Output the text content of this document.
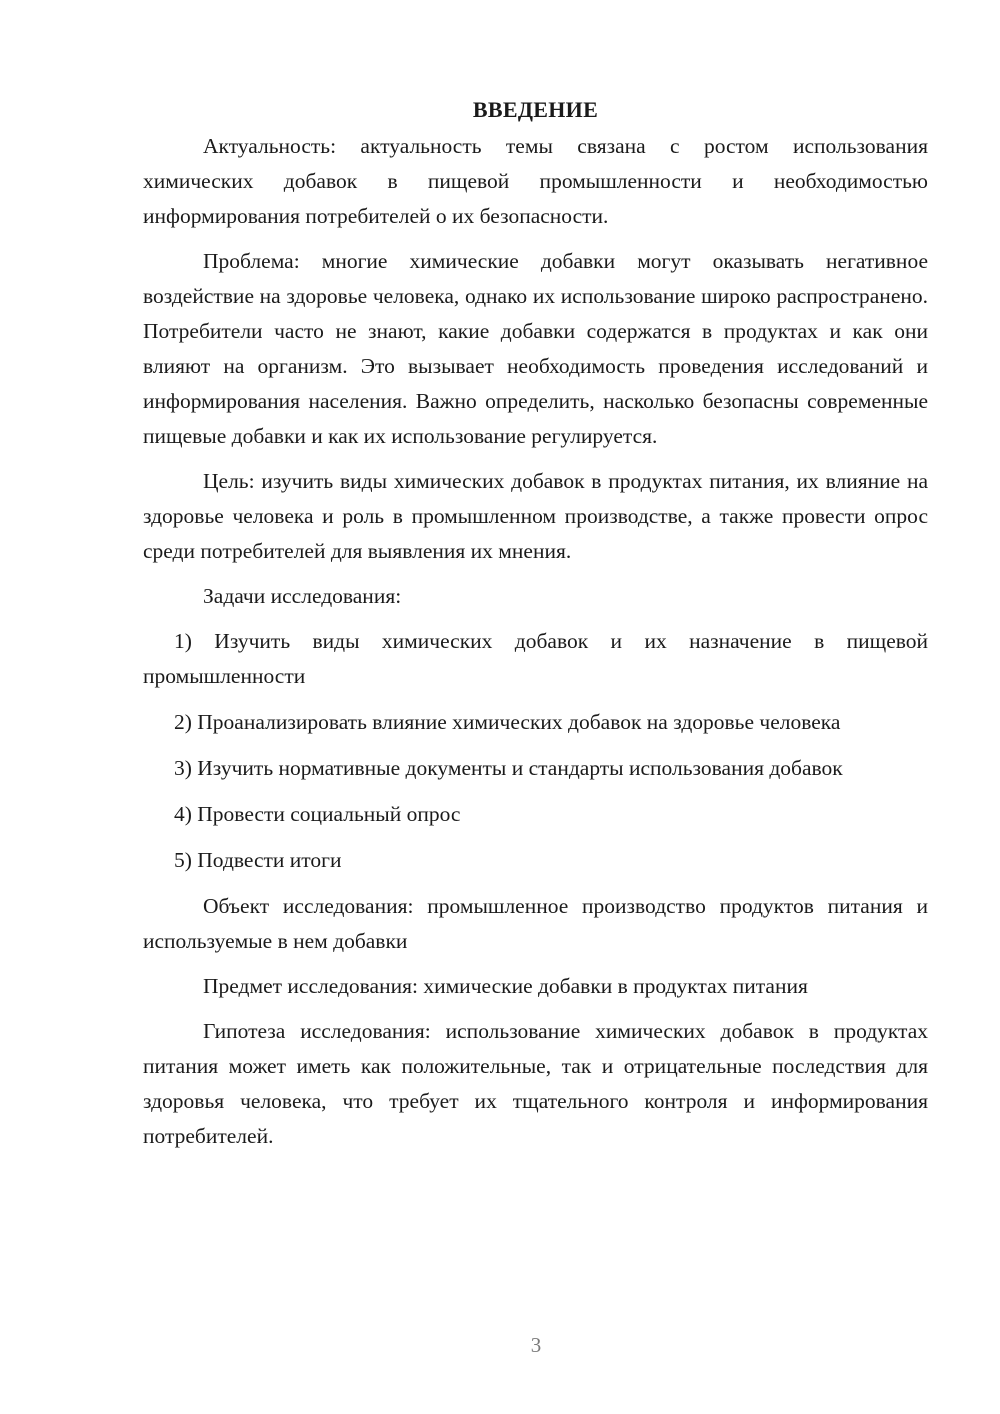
ВВЕДЕНИЕ

Актуальность: актуальность темы связана с ростом использования химических добавок в пищевой промышленности и необходимостью информирования потребителей о их безопасности.

Проблема: многие химические добавки могут оказывать негативное воздействие на здоровье человека, однако их использование широко распространено. Потребители часто не знают, какие добавки содержатся в продуктах и как они влияют на организм. Это вызывает необходимость проведения исследований и информирования населения. Важно определить, насколько безопасны современные пищевые добавки и как их использование регулируется.

Цель: изучить виды химических добавок в продуктах питания, их влияние на здоровье человека и роль в промышленном производстве, а также провести опрос среди потребителей для выявления их мнения.

Задачи исследования:

1) Изучить виды химических добавок и их назначение в пищевой промышленности

2) Проанализировать влияние химических добавок на здоровье человека

3) Изучить нормативные документы и стандарты использования добавок

4) Провести социальный опрос

5) Подвести итоги

Объект исследования: промышленное производство продуктов питания и используемые в нем добавки

Предмет исследования: химические добавки в продуктах питания

Гипотеза исследования: использование химических добавок в продуктах питания может иметь как положительные, так и отрицательные последствия для здоровья человека, что требует их тщательного контроля и информирования потребителей.

3
